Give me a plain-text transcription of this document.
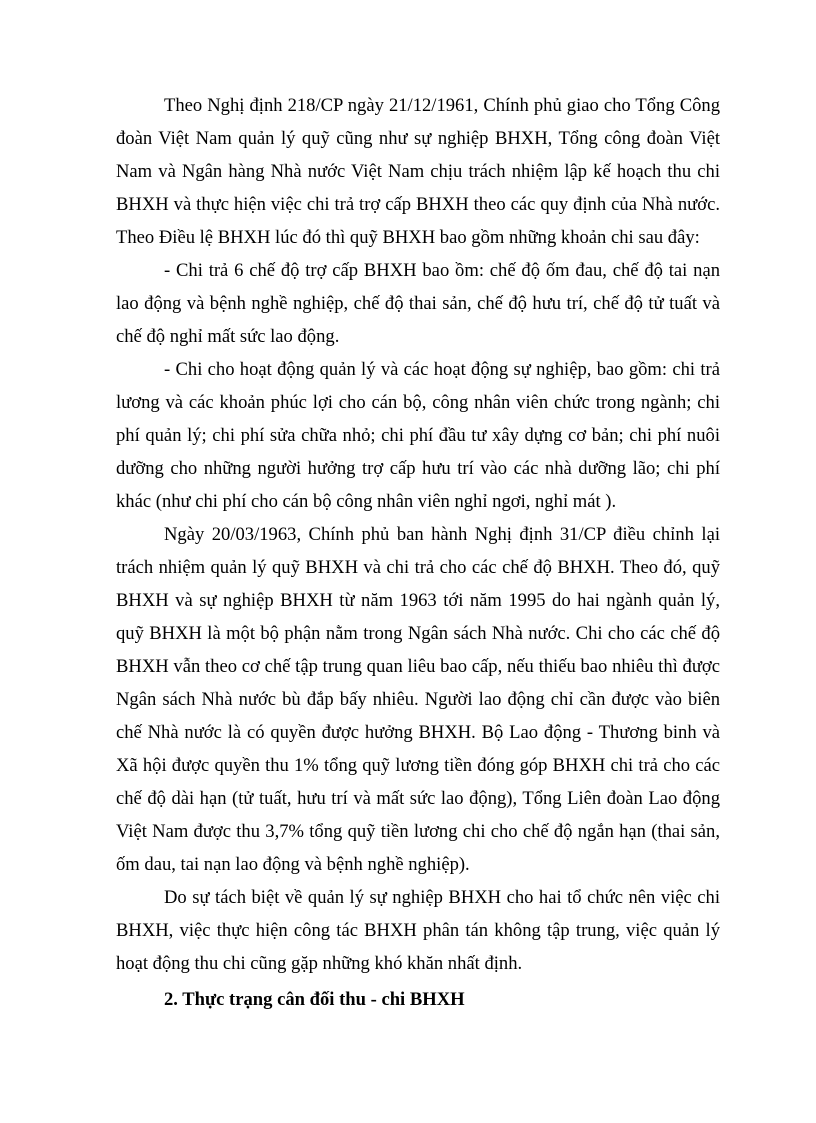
Theo Nghị định 218/CP ngày 21/12/1961, Chính phủ giao cho Tổng Công đoàn Việt Nam quản lý quỹ cũng như sự nghiệp BHXH, Tổng công đoàn Việt Nam và Ngân hàng Nhà nước Việt Nam chịu trách nhiệm lập kế hoạch thu chi BHXH và thực hiện việc chi trả trợ cấp BHXH theo các quy định của Nhà nước. Theo Điều lệ BHXH lúc đó thì quỹ BHXH bao gồm những khoản chi sau đây:

- Chi trả 6 chế độ trợ cấp BHXH bao ồm: chế độ ốm đau, chế độ tai nạn lao động và bệnh nghề nghiệp, chế độ thai sản, chế độ hưu trí, chế độ tử tuất và chế độ nghỉ mất sức lao động.

- Chi cho hoạt động quản lý và các hoạt động sự nghiệp, bao gồm: chi trả lương và các khoản phúc lợi cho cán bộ, công nhân viên chức trong ngành; chi phí quản lý; chi phí sửa chữa nhỏ; chi phí đầu tư xây dựng cơ bản; chi phí nuôi dưỡng cho những người hưởng trợ cấp hưu trí vào các nhà dưỡng lão; chi phí khác (như chi phí cho cán bộ công nhân viên nghỉ ngơi, nghỉ mát ).

Ngày 20/03/1963, Chính phủ ban hành Nghị định 31/CP điều chỉnh lại trách nhiệm quản lý quỹ BHXH và chi trả cho các chế độ BHXH. Theo đó, quỹ BHXH và sự nghiệp BHXH từ năm 1963 tới năm 1995 do hai ngành quản lý, quỹ BHXH là một bộ phận nằm trong Ngân sách Nhà nước. Chi cho các chế độ BHXH vẫn theo cơ chế tập trung quan liêu bao cấp, nếu thiếu bao nhiêu thì được Ngân sách Nhà nước bù đắp bấy nhiêu. Người lao động chỉ cần được vào biên chế Nhà nước là có quyền được hưởng BHXH. Bộ Lao động - Thương binh và Xã hội được quyền thu 1% tổng quỹ lương tiền đóng góp BHXH chi trả cho các chế độ dài hạn (tử tuất, hưu trí và mất sức lao động), Tổng Liên đoàn Lao động Việt Nam được thu 3,7% tổng quỹ tiền lương chi cho chế độ ngắn hạn (thai sản, ốm dau, tai nạn lao động và bệnh nghề nghiệp).

Do sự tách biệt về quản lý sự nghiệp BHXH cho hai tổ chức nên việc chi BHXH, việc thực hiện công tác BHXH phân tán không tập trung, việc quản lý hoạt động thu chi cũng gặp những khó khăn nhất định.

2. Thực trạng cân đối thu - chi BHXH
